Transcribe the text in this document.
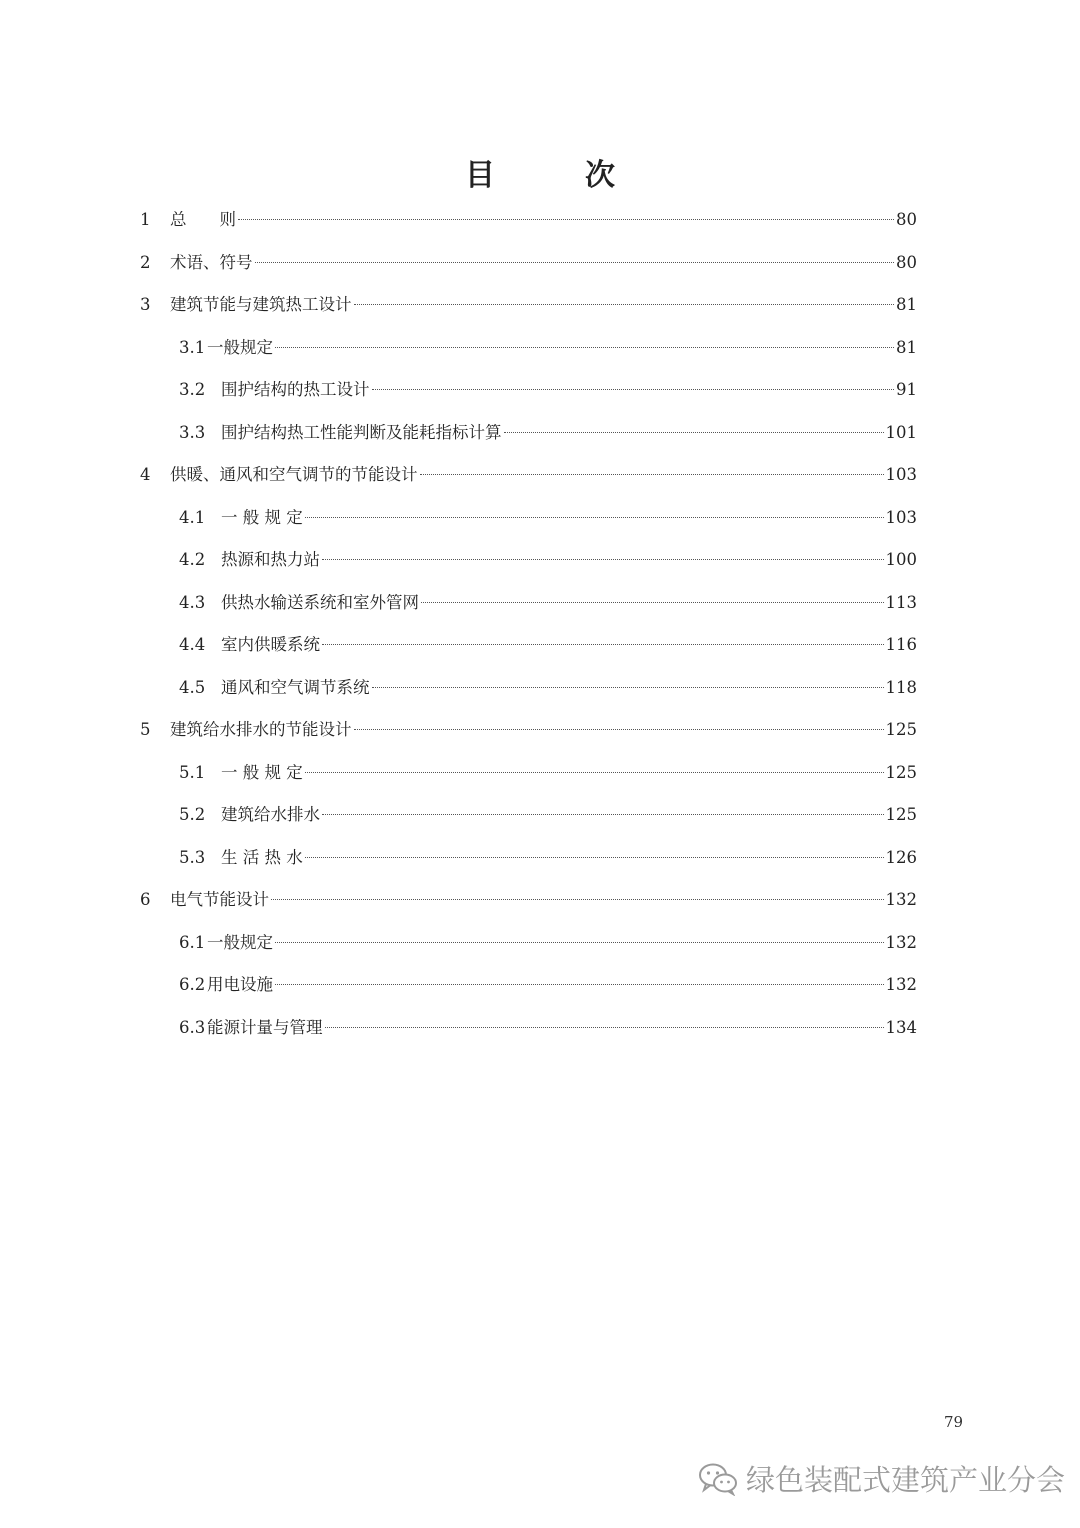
目　次
1	总　　则	80
2	术语、符号	80
3	建筑节能与建筑热工设计	81
3.1 一般规定	81
3.2 围护结构的热工设计	91
3.3 围护结构热工性能判断及能耗指标计算	101
4	供暖、通风和空气调节的节能设计	103
4.1 一 般 规 定	103
4.2 热源和热力站	100
4.3 供热水输送系统和室外管网	113
4.4 室内供暖系统	116
4.5 通风和空气调节系统	118
5	建筑给水排水的节能设计	125
5.1 一 般 规 定	125
5.2 建筑给水排水	125
5.3 生 活 热 水	126
6	电气节能设计	132
6.1 一般规定	132
6.2 用电设施	132
6.3 能源计量与管理	134
79
绿色装配式建筑产业分会
